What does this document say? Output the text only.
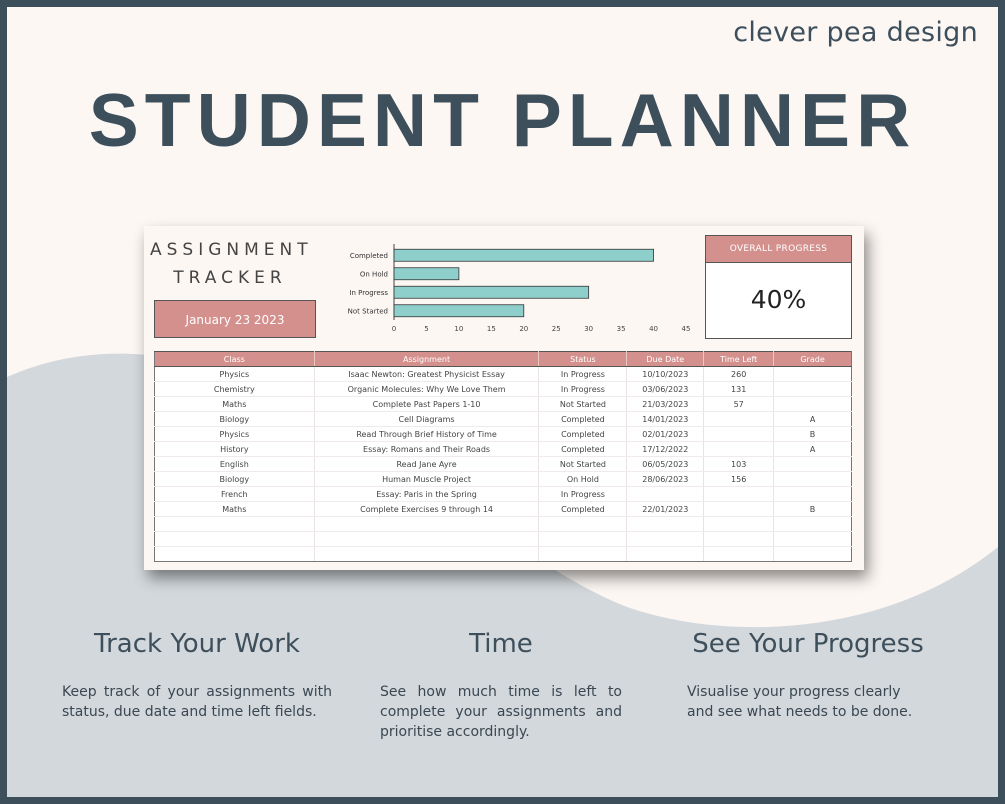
clever pea design
STUDENT PLANNER
ASSIGNMENT
TRACKER
January 23 2023
Completed
On Hold
In Progress
Not Started
0	5	10	15	20	25	30	35	40	45
OVERALL PROGRESS
40%
Class	Assignment	Status	Due Date	Time Left	Grade
Physics	Isaac Newton: Greatest Physicist Essay	In Progress	10/10/2023	260	
Chemistry	Organic Molecules: Why We Love Them	In Progress	03/06/2023	131	
Maths	Complete Past Papers 1-10	Not Started	21/03/2023	57	
Biology	Cell Diagrams	Completed	14/01/2023		A
Physics	Read Through Brief History of Time	Completed	02/01/2023		B
History	Essay: Romans and Their Roads	Completed	17/12/2022		A
English	Read Jane Ayre	Not Started	06/05/2023	103	
Biology	Human Muscle Project	On Hold	28/06/2023	156	
French	Essay: Paris in the Spring	In Progress			
Maths	Complete Exercises 9 through 14	Completed	22/01/2023		B

Track Your Work

Keep track of your assignments with status, due date and time left fields.

Time

See how much time is left to complete your assignments and prioritise accordingly.

See Your Progress

Visualise your progress clearly and see what needs to be done.
